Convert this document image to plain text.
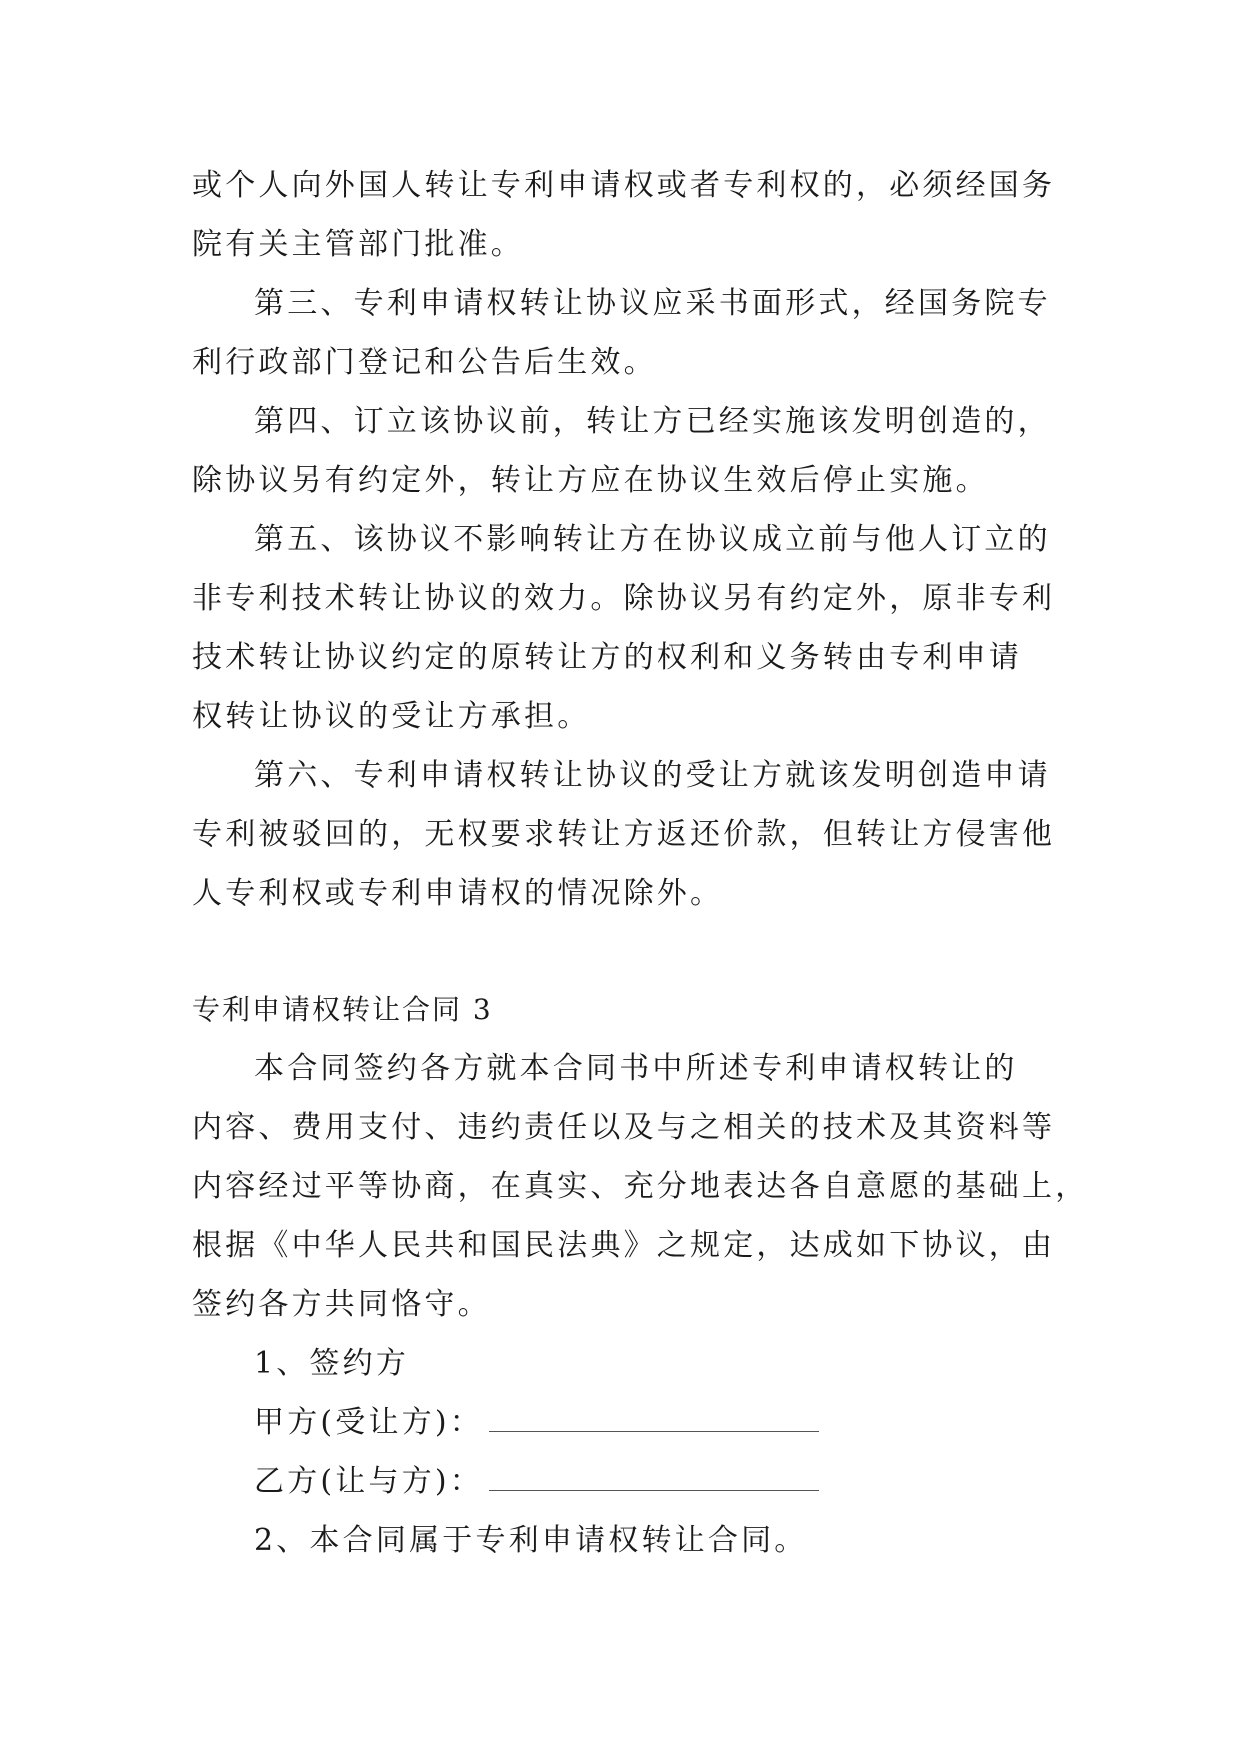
或个人向外国人转让专利申请权或者专利权的，必须经国务
院有关主管部门批准。
第三、专利申请权转让协议应采书面形式，经国务院专
利行政部门登记和公告后生效。
第四、订立该协议前，转让方已经实施该发明创造的，
除协议另有约定外，转让方应在协议生效后停止实施。
第五、该协议不影响转让方在协议成立前与他人订立的
非专利技术转让协议的效力。除协议另有约定外，原非专利
技术转让协议约定的原转让方的权利和义务转由专利申请
权转让协议的受让方承担。
第六、专利申请权转让协议的受让方就该发明创造申请
专利被驳回的，无权要求转让方返还价款，但转让方侵害他
人专利权或专利申请权的情况除外。
专利申请权转让合同 3
本合同签约各方就本合同书中所述专利申请权转让的
内容、费用支付、违约责任以及与之相关的技术及其资料等
内容经过平等协商，在真实、充分地表达各自意愿的基础上，
根据《中华人民共和国民法典》之规定，达成如下协议，由
签约各方共同恪守。
1、签约方
甲方(受让方)：
乙方(让与方)：
2、本合同属于专利申请权转让合同。
